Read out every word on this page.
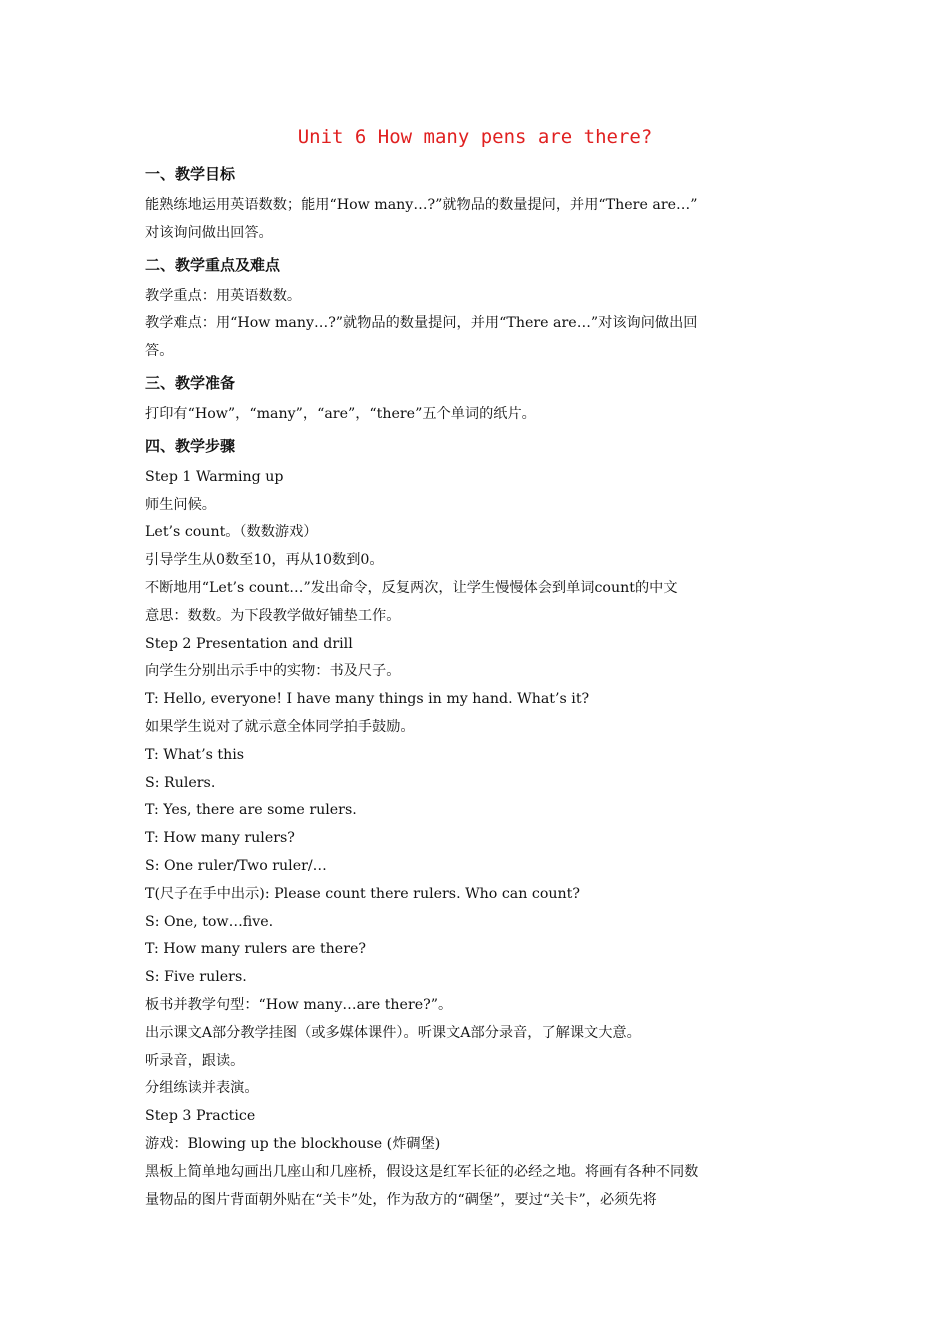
Unit 6 How many pens are there?
一、教学目标

能熟练地运用英语数数；能用“How many…?”就物品的数量提问，并用“There are…”

对该询问做出回答。

二、教学重点及难点

教学重点：用英语数数。

教学难点：用“How many…?”就物品的数量提问，并用“There are…”对该询问做出回

答。

三、教学准备

打印有“How”，“many”，“are”，“there”五个单词的纸片。

四、教学步骤

Step 1 Warming up

师生问候。

Let’s count。（数数游戏）

引导学生从0数至10，再从10数到0。

不断地用“Let’s count…”发出命令，反复两次，让学生慢慢体会到单词count的中文

意思：数数。为下段教学做好铺垫工作。

Step 2 Presentation and drill

向学生分别出示手中的实物：书及尺子。

T: Hello, everyone! I have many things in my hand. What’s it?

如果学生说对了就示意全体同学拍手鼓励。

T: What’s this

S: Rulers.

T: Yes, there are some rulers.

T: How many rulers?

S: One ruler/Two ruler/…

T(尺子在手中出示): Please count there rulers. Who can count?

S: One, tow…five.

T: How many rulers are there?

S: Five rulers.

板书并教学句型：“How many…are there?”。

出示课文A部分教学挂图（或多媒体课件）。听课文A部分录音，了解课文大意。

听录音，跟读。

分组练读并表演。

Step 3 Practice

游戏：Blowing up the blockhouse (炸碉堡)

黑板上简单地勾画出几座山和几座桥，假设这是红军长征的必经之地。将画有各种不同数

量物品的图片背面朝外贴在“关卡”处，作为敌方的“碉堡”，要过“关卡”，必须先将
